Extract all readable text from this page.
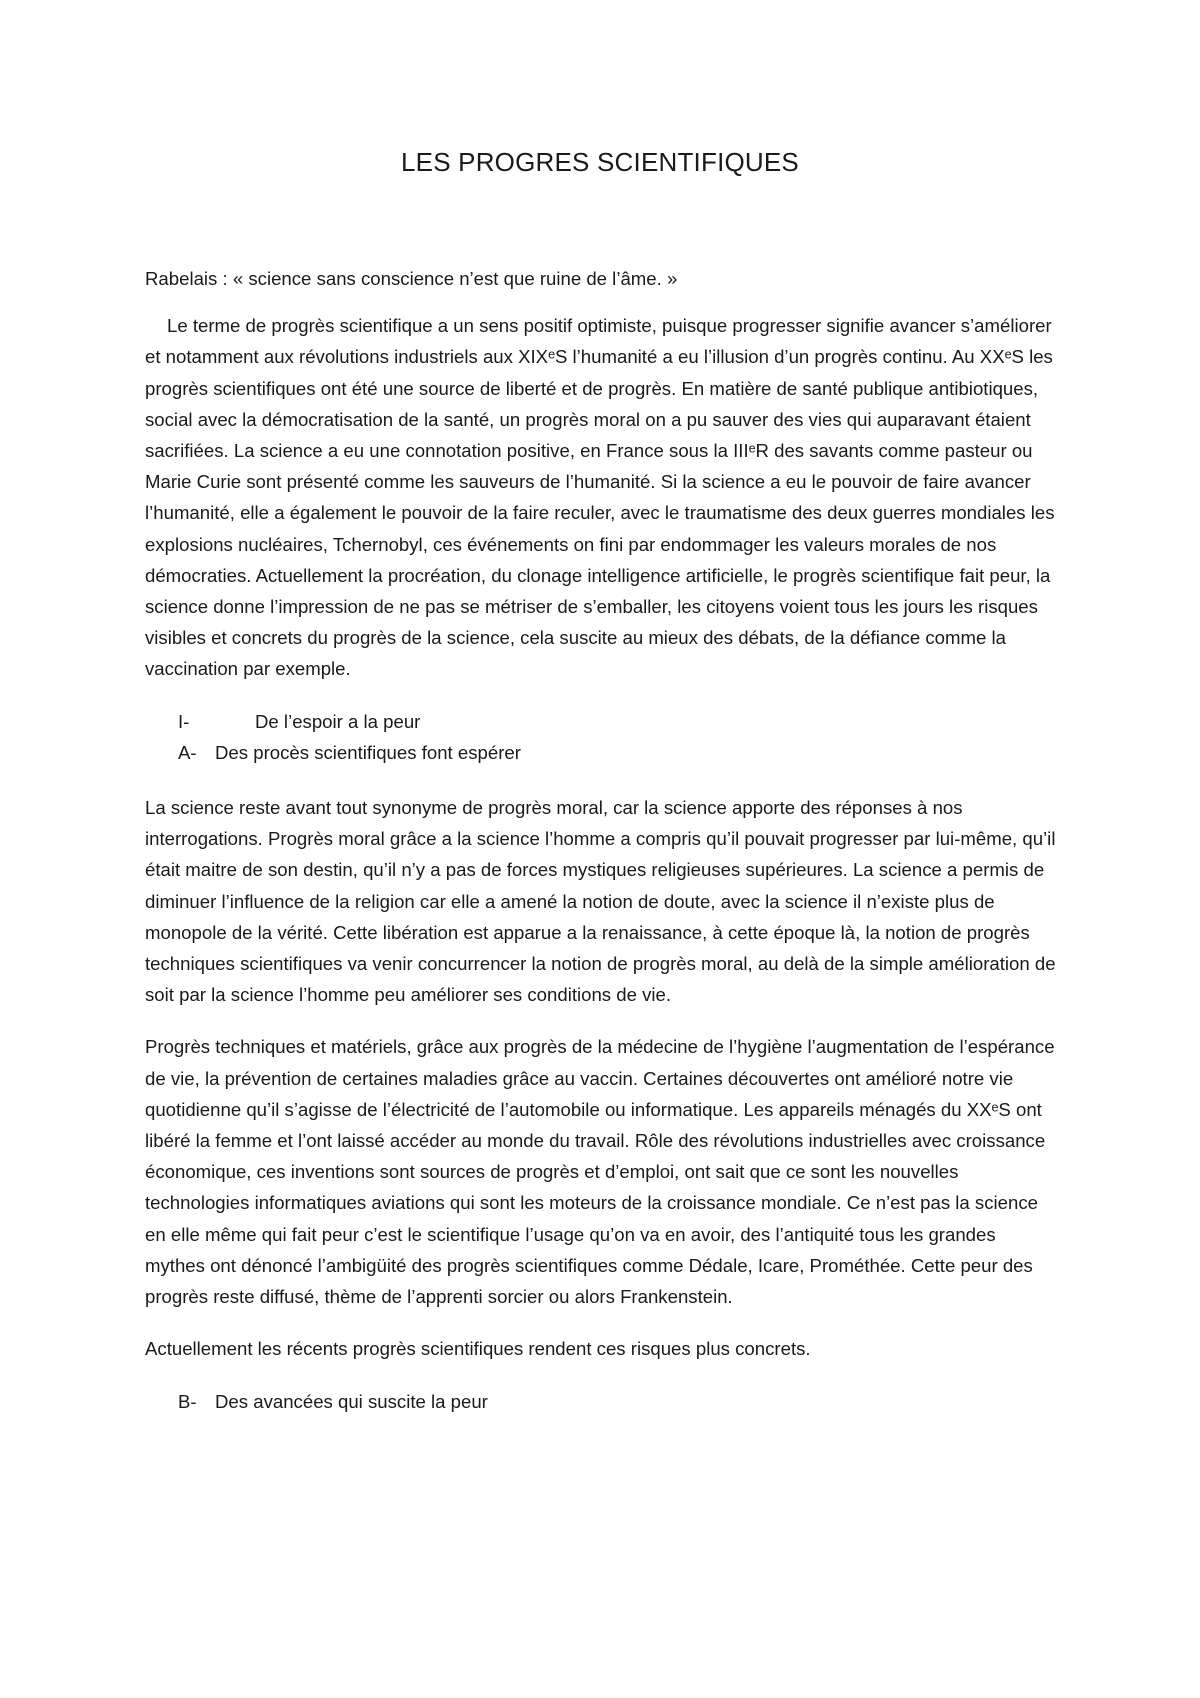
LES PROGRES SCIENTIFIQUES

Rabelais : « science sans conscience n’est que ruine de l’âme. »

Le terme de progrès scientifique a un sens positif optimiste, puisque progresser signifie avancer s’améliorer et notamment aux révolutions industriels aux XIXᵉS l’humanité a eu l’illusion d’un progrès continu. Au XXᵉS les progrès scientifiques ont été une source de liberté et de progrès. En matière de santé publique antibiotiques, social avec la démocratisation de la santé, un progrès moral on a pu sauver des vies qui auparavant étaient sacrifiées. La science a eu une connotation positive, en France sous la IIIᵉR des savants comme pasteur ou Marie Curie sont présenté comme les sauveurs de l’humanité. Si la science a eu le pouvoir de faire avancer l’humanité, elle a également le pouvoir de la faire reculer, avec le traumatisme des deux guerres mondiales les explosions nucléaires, Tchernobyl, ces événements on fini par endommager les valeurs morales de nos démocraties. Actuellement la procréation, du clonage intelligence artificielle, le progrès scientifique fait peur, la science donne l’impression de ne pas se métriser de s’emballer, les citoyens voient tous les jours les risques visibles et concrets du progrès de la science, cela suscite au mieux des débats, de la défiance comme la vaccination par exemple.

I-	De l’espoir a la peur
A- Des procès scientifiques font espérer

La science reste avant tout synonyme de progrès moral, car la science apporte des réponses à nos interrogations. Progrès moral grâce a la science l’homme a compris qu’il pouvait progresser par lui-même, qu’il était maitre de son destin, qu’il n’y a pas de forces mystiques religieuses supérieures. La science a permis de diminuer l’influence de la religion car elle a amené la notion de doute, avec la science il n’existe plus de monopole de la vérité. Cette libération est apparue a la renaissance, à cette époque là, la notion de progrès techniques scientifiques va venir concurrencer la notion de progrès moral, au delà de la simple amélioration de soit par la science l’homme peu améliorer ses conditions de vie.

Progrès techniques et matériels, grâce aux progrès de la médecine de l’hygiène l’augmentation de l’espérance de vie, la prévention de certaines maladies grâce au vaccin. Certaines découvertes ont amélioré notre vie quotidienne qu’il s’agisse de l’électricité de l’automobile ou informatique. Les appareils ménagés du XXᵉS ont libéré la femme et l’ont laissé accéder au monde du travail. Rôle des révolutions industrielles avec croissance économique, ces inventions sont sources de progrès et d’emploi, ont sait que ce sont les nouvelles technologies informatiques aviations qui sont les moteurs de la croissance mondiale. Ce n’est pas la science en elle même qui fait peur c’est le scientifique l’usage qu’on va en avoir, des l’antiquité tous les grandes mythes ont dénoncé l’ambigüité des progrès scientifiques comme Dédale, Icare, Prométhée. Cette peur des progrès reste diffusé, thème de l’apprenti sorcier ou alors Frankenstein.

Actuellement les récents progrès scientifiques rendent ces risques plus concrets.

B- Des avancées qui suscite la peur
